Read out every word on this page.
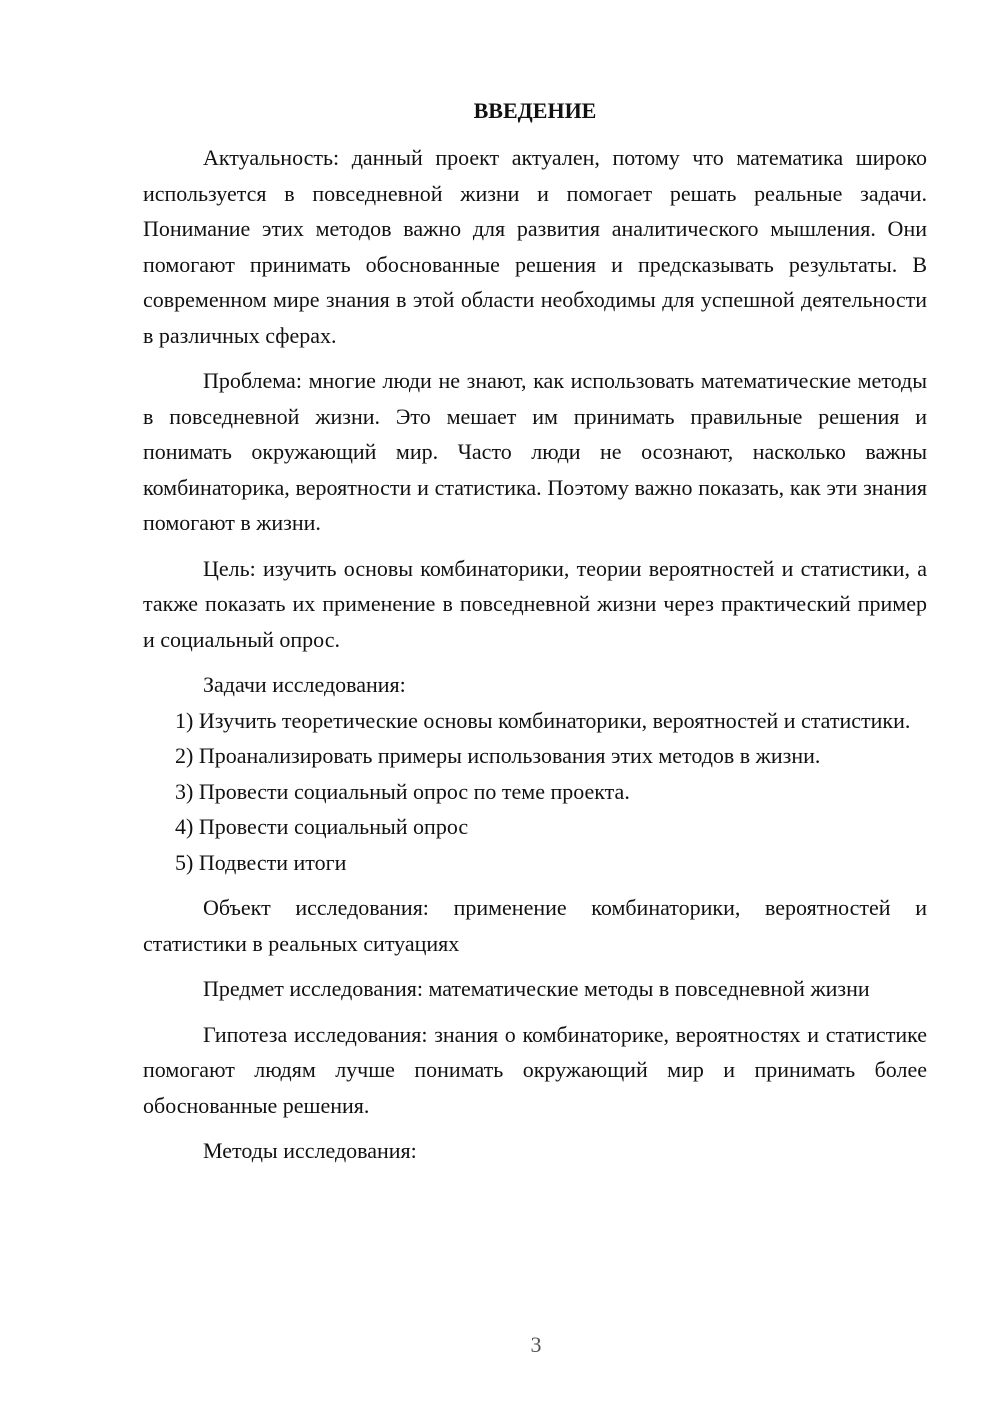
ВВЕДЕНИЕ

Актуальность: данный проект актуален, потому что математика широко используется в повседневной жизни и помогает решать реальные задачи. Понимание этих методов важно для развития аналитического мышления. Они помогают принимать обоснованные решения и предсказывать результаты. В современном мире знания в этой области необходимы для успешной деятельности в различных сферах.

Проблема: многие люди не знают, как использовать математические методы в повседневной жизни. Это мешает им принимать правильные решения и понимать окружающий мир. Часто люди не осознают, насколько важны комбинаторика, вероятности и статистика. Поэтому важно показать, как эти знания помогают в жизни.

Цель: изучить основы комбинаторики, теории вероятностей и статистики, а также показать их применение в повседневной жизни через практический пример и социальный опрос.

Задачи исследования:

1) Изучить теоретические основы комбинаторики, вероятностей и статистики.

2) Проанализировать примеры использования этих методов в жизни.

3) Провести социальный опрос по теме проекта.

4) Провести социальный опрос

5) Подвести итоги

Объект исследования: применение комбинаторики, вероятностей и статистики в реальных ситуациях

Предмет исследования: математические методы в повседневной жизни

Гипотеза исследования: знания о комбинаторике, вероятностях и статистике помогают людям лучше понимать окружающий мир и принимать более обоснованные решения.

Методы исследования:

3
